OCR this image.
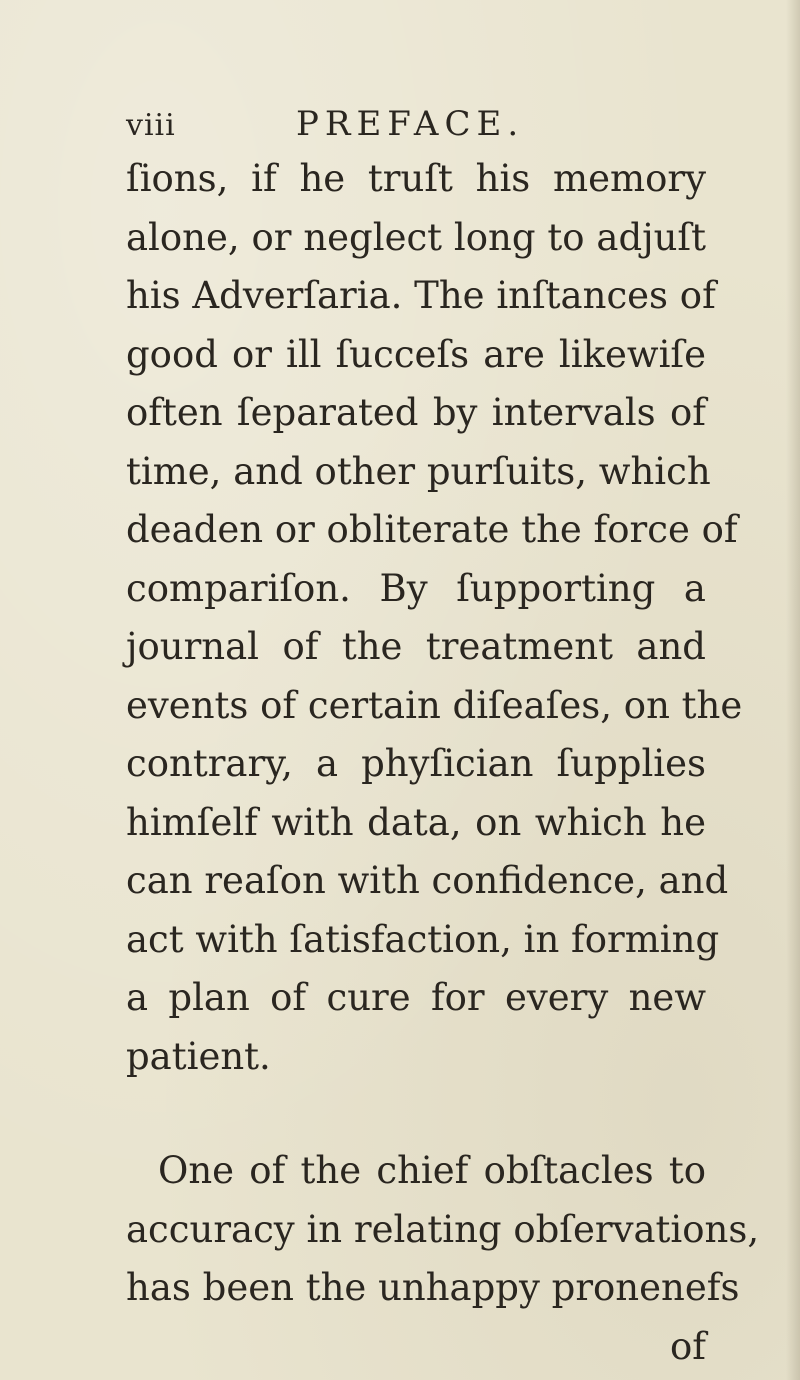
viii	PREFACE.
ſions, if he truſt his memory
alone, or neglect long to adjuſt
his Adverſaria. The inſtances of
good or ill ſucceſs are likewiſe
often ſeparated by intervals of
time, and other purſuits, which
deaden or obliterate the force of
compariſon. By ſupporting a
journal of the treatment and
events of certain diſeaſes, on the
contrary, a phyſician ſupplies
himſelf with data, on which he
can reaſon with confidence, and
act with ſatisfaction, in forming
a plan of cure for every new
patient.
One of the chief obſtacles to
accuracy in relating obſervations,
has been the unhappy pronenefs
of
